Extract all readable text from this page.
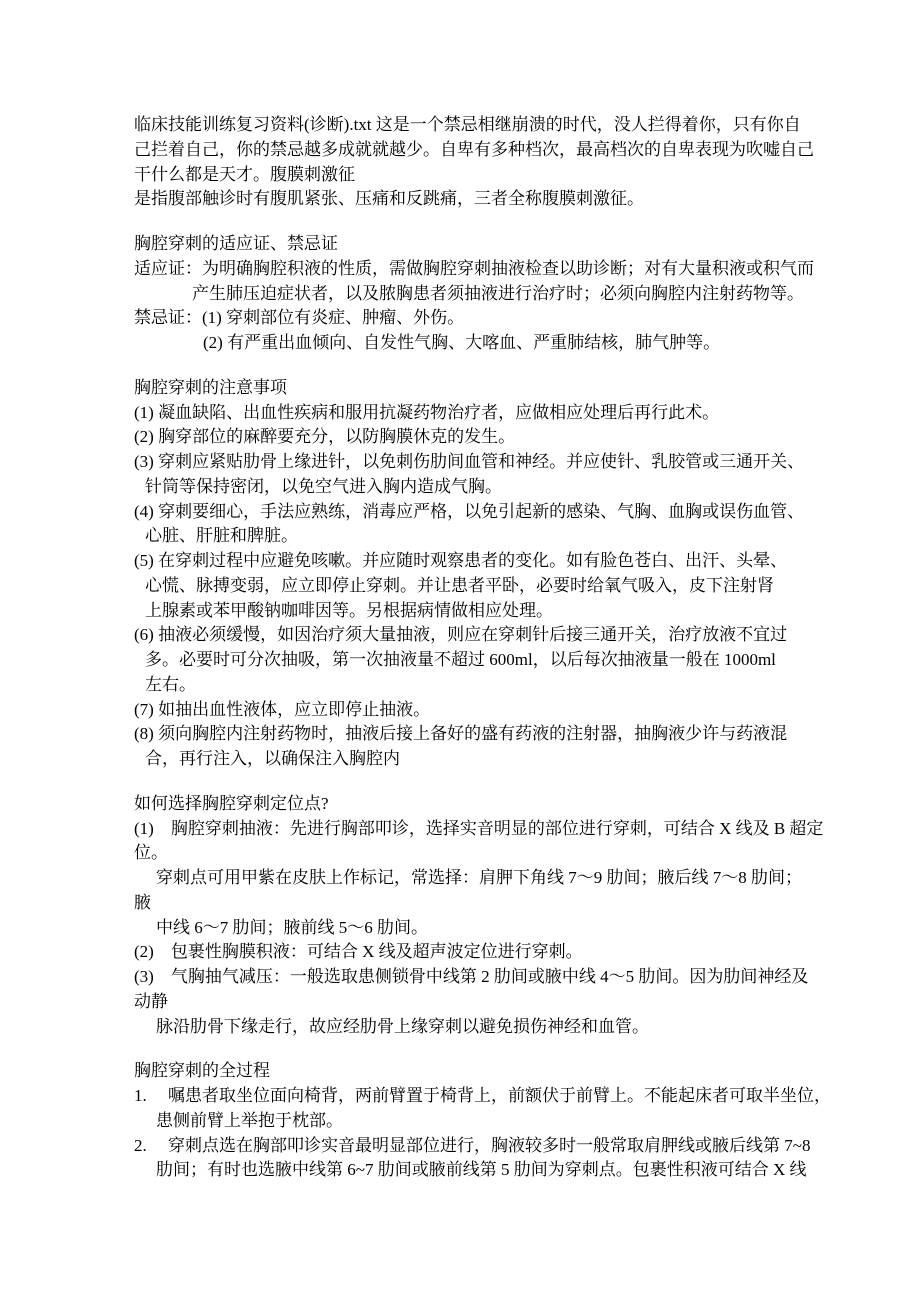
临床技能训练复习资料(诊断).txt 这是一个禁忌相继崩溃的时代，没人拦得着你，只有你自
己拦着自己，你的禁忌越多成就就越少。自卑有多种档次，最高档次的自卑表现为吹嘘自己
干什么都是天才。腹膜刺激征
是指腹部触诊时有腹肌紧张、压痛和反跳痛，三者全称腹膜刺激征。
胸腔穿刺的适应证、禁忌证
适应证：为明确胸腔积液的性质，需做胸腔穿刺抽液检查以助诊断；对有大量积液或积气而
产生肺压迫症状者，以及脓胸患者须抽液进行治疗时；必须向胸腔内注射药物等。
禁忌证：(1) 穿刺部位有炎症、肿瘤、外伤。
(2) 有严重出血倾向、自发性气胸、大喀血、严重肺结核，肺气肿等。
胸腔穿刺的注意事项
(1) 凝血缺陷、出血性疾病和服用抗凝药物治疗者，应做相应处理后再行此术。
(2) 胸穿部位的麻醉要充分，以防胸膜休克的发生。
(3) 穿刺应紧贴肋骨上缘进针，以免刺伤肋间血管和神经。并应使针、乳胶管或三通开关、
针筒等保持密闭，以免空气进入胸内造成气胸。
(4) 穿刺要细心，手法应熟练，消毒应严格，以免引起新的感染、气胸、血胸或误伤血管、
心脏、肝脏和脾脏。
(5) 在穿刺过程中应避免咳嗽。并应随时观察患者的变化。如有脸色苍白、出汗、头晕、
心慌、脉搏变弱，应立即停止穿刺。并让患者平卧，必要时给氧气吸入，皮下注射肾
上腺素或苯甲酸钠咖啡因等。另根据病情做相应处理。
(6) 抽液必须缓慢，如因治疗须大量抽液，则应在穿刺针后接三通开关，治疗放液不宜过
多。必要时可分次抽吸，第一次抽液量不超过 600ml，以后每次抽液量一般在 1000ml
左右。
(7) 如抽出血性液体，应立即停止抽液。
(8) 须向胸腔内注射药物时，抽液后接上备好的盛有药液的注射器，抽胸液少许与药液混
合，再行注入，以确保注入胸腔内
如何选择胸腔穿刺定位点?
(1)　胸腔穿刺抽液：先进行胸部叩诊，选择实音明显的部位进行穿刺，可结合 X 线及 B 超定
位。
穿刺点可用甲紫在皮肤上作标记，常选择：肩胛下角线 7～9 肋间；腋后线 7～8 肋间；
腋
中线 6～7 肋间；腋前线 5～6 肋间。
(2)　包裹性胸膜积液：可结合 X 线及超声波定位进行穿刺。
(3)　气胸抽气减压：一般选取患侧锁骨中线第 2 肋间或腋中线 4～5 肋间。因为肋间神经及
动静
脉沿肋骨下缘走行，故应经肋骨上缘穿刺以避免损伤神经和血管。
胸腔穿刺的全过程
1.　 嘱患者取坐位面向椅背，两前臂置于椅背上，前额伏于前臂上。不能起床者可取半坐位，
患侧前臂上举抱于枕部。
2.　 穿刺点选在胸部叩诊实音最明显部位进行，胸液较多时一般常取肩胛线或腋后线第 7~8
肋间；有时也选腋中线第 6~7 肋间或腋前线第 5 肋间为穿刺点。包裹性积液可结合 X 线
